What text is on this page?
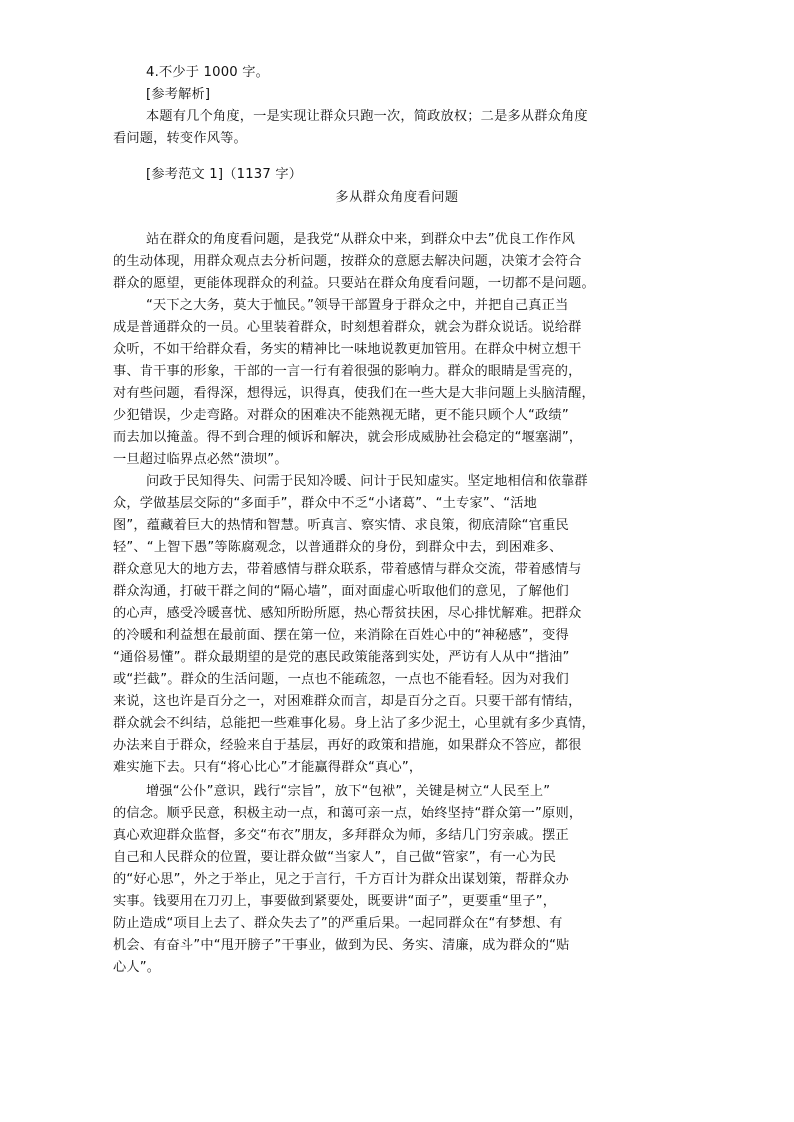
4.不少于 1000 字。
[参考解析]
本题有几个角度，一是实现让群众只跑一次，简政放权；二是多从群众角度
看问题，转变作风等。
[参考范文 1]（1137 字）
多从群众角度看问题
站在群众的角度看问题，是我党“从群众中来，到群众中去”优良工作作风
的生动体现，用群众观点去分析问题，按群众的意愿去解决问题，决策才会符合
群众的愿望，更能体现群众的利益。只要站在群众角度看问题，一切都不是问题。
“天下之大务，莫大于恤民。”领导干部置身于群众之中，并把自己真正当
成是普通群众的一员。心里装着群众，时刻想着群众，就会为群众说话。说给群
众听，不如干给群众看，务实的精神比一味地说教更加管用。在群众中树立想干
事、肯干事的形象，干部的一言一行有着很强的影响力。群众的眼睛是雪亮的，
对有些问题，看得深，想得远，识得真，使我们在一些大是大非问题上头脑清醒，
少犯错误，少走弯路。对群众的困难决不能熟视无睹，更不能只顾个人“政绩”
而去加以掩盖。得不到合理的倾诉和解决，就会形成威胁社会稳定的“堰塞湖”，
一旦超过临界点必然“溃坝”。
问政于民知得失、问需于民知冷暖、问计于民知虚实。坚定地相信和依靠群
众，学做基层交际的“多面手”，群众中不乏“小诸葛”、“土专家”、“活地
图”，蕴藏着巨大的热情和智慧。听真言、察实情、求良策，彻底清除“官重民
轻”、“上智下愚”等陈腐观念，以普通群众的身份，到群众中去，到困难多、
群众意见大的地方去，带着感情与群众联系，带着感情与群众交流，带着感情与
群众沟通，打破干群之间的“隔心墙”，面对面虚心听取他们的意见，了解他们
的心声，感受冷暖喜忧、感知所盼所愿，热心帮贫扶困，尽心排忧解难。把群众
的冷暖和利益想在最前面、摆在第一位，来消除在百姓心中的“神秘感”，变得
“通俗易懂”。群众最期望的是党的惠民政策能落到实处，严访有人从中“揩油”
或“拦截”。群众的生活问题，一点也不能疏忽，一点也不能看轻。因为对我们
来说，这也许是百分之一，对困难群众而言，却是百分之百。只要干部有情结，
群众就会不纠结，总能把一些难事化易。身上沾了多少泥土，心里就有多少真情，
办法来自于群众，经验来自于基层，再好的政策和措施，如果群众不答应，都很
难实施下去。只有“将心比心”才能赢得群众“真心”，
增强“公仆”意识，践行“宗旨”，放下“包袱”，关键是树立“人民至上”
的信念。顺乎民意，积极主动一点，和蔼可亲一点，始终坚持“群众第一”原则，
真心欢迎群众监督，多交“布衣”朋友，多拜群众为师，多结几门穷亲戚。摆正
自己和人民群众的位置，要让群众做“当家人”，自己做“管家”，有一心为民
的“好心思”，外之于举止，见之于言行，千方百计为群众出谋划策，帮群众办
实事。钱要用在刀刃上，事要做到紧要处，既要讲“面子”，更要重“里子”，
防止造成“项目上去了、群众失去了”的严重后果。一起同群众在“有梦想、有
机会、有奋斗”中“甩开膀子”干事业，做到为民、务实、清廉，成为群众的“贴
心人”。
